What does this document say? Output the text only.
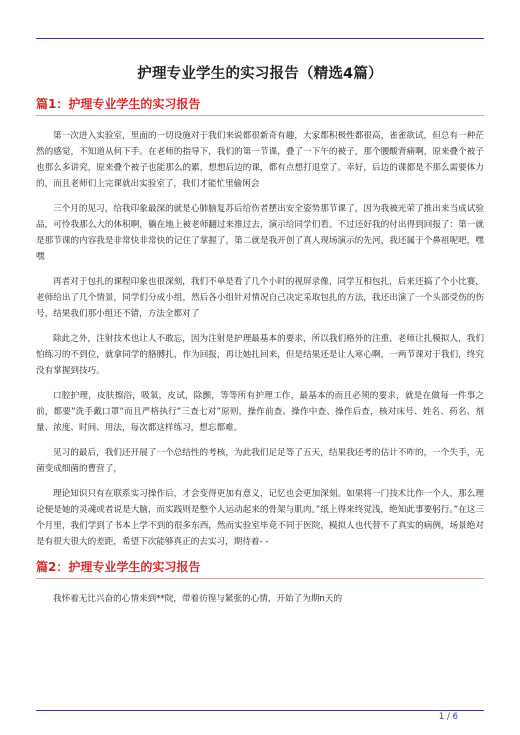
护理专业学生的实习报告（精选4篇）
篇1：护理专业学生的实习报告

第一次进入实验室，里面的一切设施对于我们来说都很新奇有趣，大家都积极性都很高，雀雀欲试，但总有一种茫然的感觉，不知道从何下手。在老师的指导下，我们的第一节课，叠了一下午的被子，那个腰酸背痛啊，原来叠个被子也那么多讲究，原来叠个被子也能那么的累，想想后边的课，都有点想打退堂了。幸好，后边的课都是不那么需要体力的，而且老师们上完课就出实验室了，我们才能忙里偷闲会

三个月的见习，给我印象最深的就是心肺脑复苏后给伤者摆出安全姿势那节课了，因为我被光荣了推出来当成试验品，可怜我那么大的体积啊，躺在地上被老师翻过来推过去，演示给同学们看。不过还好我的付出得到回报了：第一就是那节课的内容我是非常快非常快的记住了掌握了，第二就是我开创了真人现场演示的先河，我还属于个鼻祖呢吧，嘿嘿

再者对于包扎的课程印象也很深刻，我们不单是看了几个小时的视屏录像，同学互相包扎，后来还搞了个小比赛，老师给出了几个情景，同学们分成小组，然后各小组针对情况自己决定采取包扎的方法，我还出演了一个头部受伤的伤号，结果我们那小组还不错，方法全都对了

除此之外，注射技术也让人不敢忘，因为注射是护理最基本的要求，所以我们格外的注重，老师让扎模拟人，我们怕练习的不到位，就拿同学的胳膊扎，作为回报，再让她扎回来，但是结果还是让人寒心啊，一两节课对于我们，终究没有掌握到技巧。

口腔护理，皮肤擦浴，吸氧，皮试，除颤，等等所有护理工作，最基本的而且必须的要求，就是在做每一件事之前，都要”洗手戴口罩”而且严格执行”三查七对”原则，操作前查、操作中查、操作后查，核对床号、姓名、药名、剂量、浓度、时间、用法，每次都这样练习，想忘都难。

见习的最后，我们还开展了一个总结性的考核，为此我们足足等了五天，结果我还考的估计不咋的，一个失手，无菌变成细菌的曹营了，

理论知识只有在联系实习操作后，才会变得更加有意义，记忆也会更加深刻。如果将一门技术比作一个人，那么理论便是她的灵魂或者说是大脑，而实践则是整个人运动起来的骨架与肌肉。”纸上得来终觉浅，绝知此事要躬行。”在这三个月里，我们学到了书本上学不到的很多东西，然而实验室毕竟不同于医院，模拟人也代替不了真实的病例，场景绝对是有很大很大的差距，希望下次能够真正的去实习，期待着- -

篇2：护理专业学生的实习报告

我怀着无比兴奋的心情来到**院，带着彷徨与紧张的心情，开始了为期n天的

1 / 6
